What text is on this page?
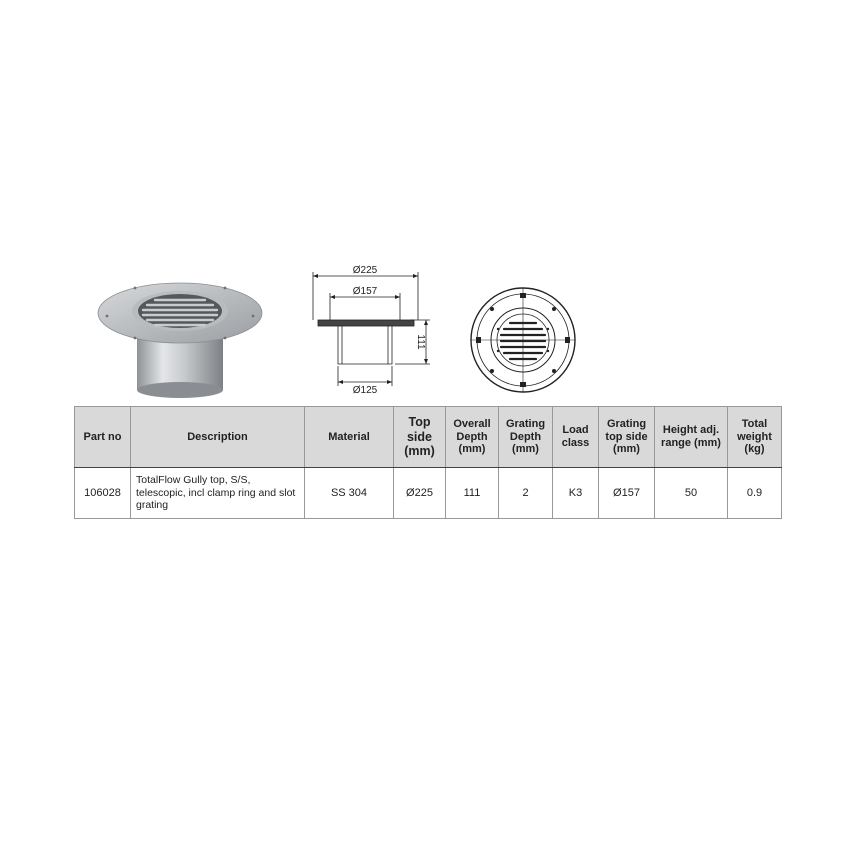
Ø225
Ø157
Ø125
111
Part no	Description	Material	Top side (mm)	Overall Depth (mm)	Grating Depth (mm)	Load class	Grating top side (mm)	Height adj. range (mm)	Total weight (kg)
106028	TotalFlow Gully top, S/S, telescopic, incl clamp ring and slot grating	SS 304	Ø225	111	2	K3	Ø157	50	0.9
